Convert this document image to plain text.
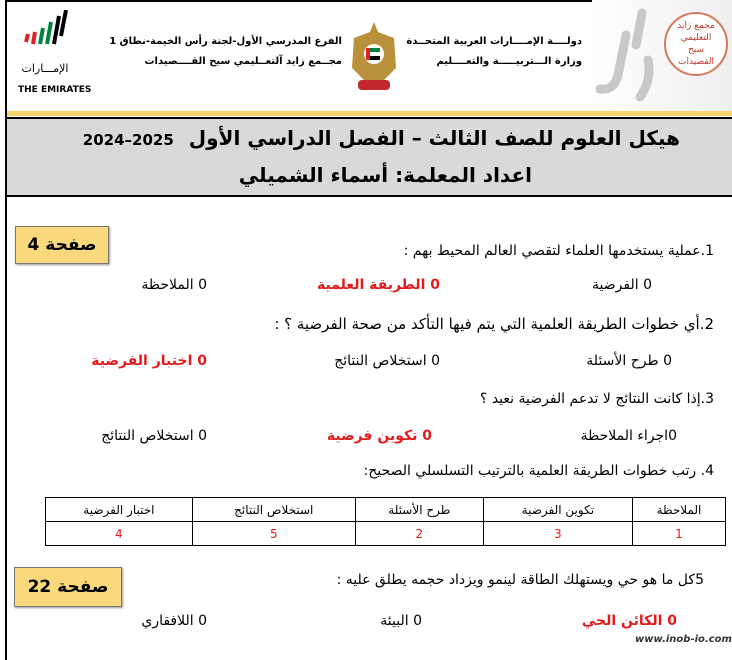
الإمـــارات
THE EMIRATES
الفرع المدرسي الأول-لجنة رأس الخيمة-نطاق 1
مجــمع زايد آلتعــليمي سيح القــــصيدات
مجمع زايد التعليمي سيح القصيدات
دولــــة الإمــــارات العربية المتحــدة
وزارة الـــتربيـــــة والتعــــليم
هيكل العلوم للصف الثالث – الفصل الدراسي الأول 2025–2024
اعداد المعلمة: أسماء الشميلي
صفحة 4	1.عملية يستخدمها العلماء لتقصي العالم المحيط بهم :
0 الفرضية
0 الطريقة العلمية
0 الملاحظة
2.أي خطوات الطريقة العلمية التي يتم فيها التأكد من صحة الفرضية ؟ :
0 طرح الأسئلة
0 استخلاص النتائج
0 اختبار الفرضية
3.إذا كانت النتائج لا تدعم الفرضية نعيد ؟
0اجراء الملاحظة
0 تكوين فرضية
0 استخلاص النتائج
4. رتب خطوات الطريقة العلمية بالترتيب التسلسلي الصحيح:
الملاحظة	تكوين الفرضية	طرح الأسئلة	استخلاص النتائج	اختبار الفرضية
1	3	2	5	4
صفحة 22	5كل ما هو حي ويستهلك الطاقة لينمو ويزداد حجمه يطلق عليه :
0 الكائن الحي
0 البيئة
0 اللافقاري
www.inob-io.com
